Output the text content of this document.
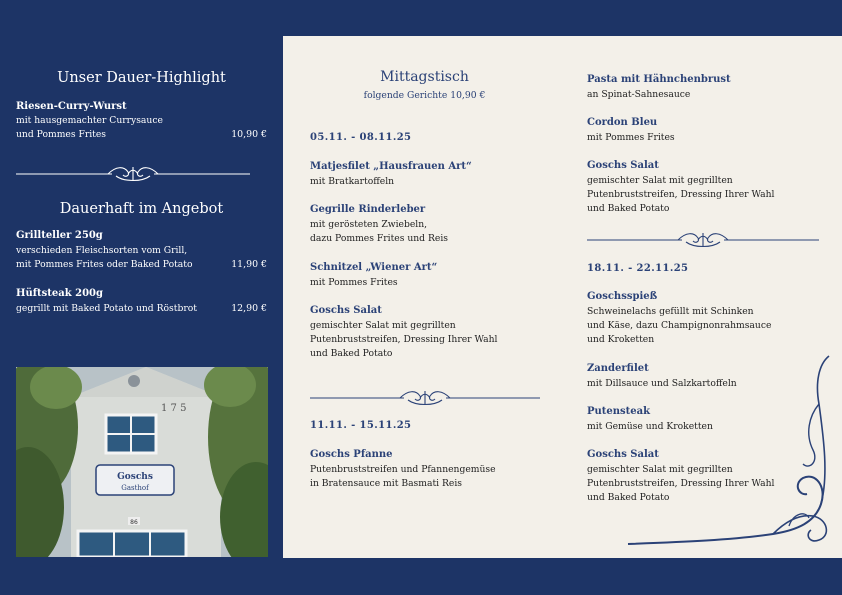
Unser Dauer-Highlight
Riesen-Curry-Wurst
mit hausgemachter Currysauce
und Pommes Frites	10,90 €
Dauerhaft im Angebot
Grillteller 250g
verschieden Fleischsorten vom Grill,
mit Pommes Frites oder Baked Potato	11,90 €
Hüftsteak 200g
gegrillt mit Baked Potato und Röstbrot	12,90 €
1 7 5
Goschs
Gasthof
86
Mittagstisch
folgende Gerichte 10,90 €
05.11. - 08.11.25
Matjesfilet „Hausfrauen Art“
mit Bratkartoffeln
Gegrille Rinderleber
mit gerösteten Zwiebeln,
dazu Pommes Frites und Reis
Schnitzel „Wiener Art“
mit Pommes Frites
Goschs Salat
gemischter Salat mit gegrillten
Putenbruststreifen, Dressing Ihrer Wahl
und Baked Potato
11.11. - 15.11.25
Goschs Pfanne
Putenbruststreifen und Pfannengemüse
in Bratensauce mit Basmati Reis
Pasta mit Hähnchenbrust
an Spinat-Sahnesauce
Cordon Bleu
mit Pommes Frites
Goschs Salat
gemischter Salat mit gegrillten
Putenbruststreifen, Dressing Ihrer Wahl
und Baked Potato
18.11. - 22.11.25
Goschsspieß
Schweinelachs gefüllt mit Schinken
und Käse, dazu Champignonrahmsauce
und Kroketten
Zanderfilet
mit Dillsauce und Salzkartoffeln
Putensteak
mit Gemüse und Kroketten
Goschs Salat
gemischter Salat mit gegrillten
Putenbruststreifen, Dressing Ihrer Wahl
und Baked Potato
